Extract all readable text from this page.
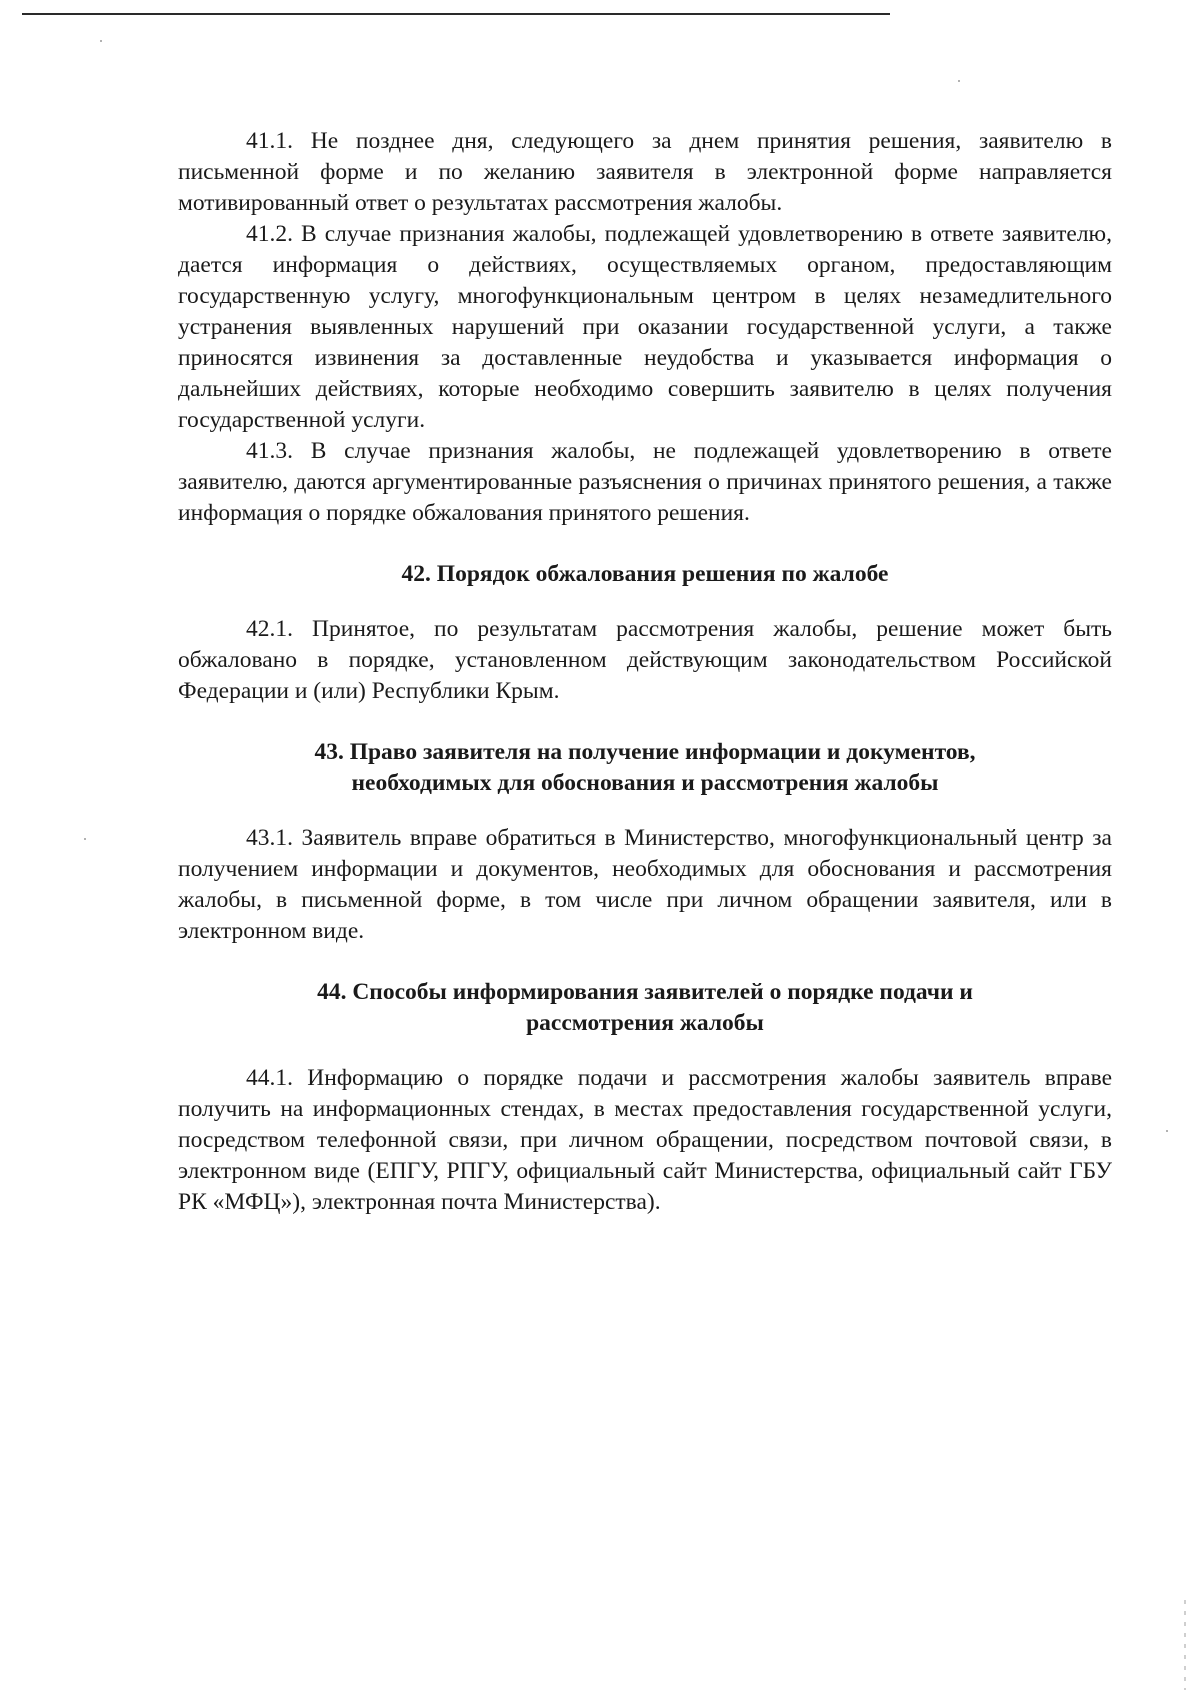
41.1. Не позднее дня, следующего за днем принятия решения, заявителю в письменной форме и по желанию заявителя в электронной форме направляется мотивированный ответ о результатах рассмотрения жалобы.

41.2. В случае признания жалобы, подлежащей удовлетворению в ответе заявителю, дается информация о действиях, осуществляемых органом, предоставляющим государственную услугу, многофункциональным центром в целях незамедлительного устранения выявленных нарушений при оказании государственной услуги, а также приносятся извинения за доставленные неудобства и указывается информация о дальнейших действиях, которые необходимо совершить заявителю в целях получения государственной услуги.

41.3. В случае признания жалобы, не подлежащей удовлетворению в ответе заявителю, даются аргументированные разъяснения о причинах принятого решения, а также информация о порядке обжалования принятого решения.

42. Порядок обжалования решения по жалобе

42.1. Принятое, по результатам рассмотрения жалобы, решение может быть обжаловано в порядке, установленном действующим законодательством Российской Федерации и (или) Республики Крым.

43. Право заявителя на получение информации и документов,
необходимых для обоснования и рассмотрения жалобы

43.1. Заявитель вправе обратиться в Министерство, многофункциональный центр за получением информации и документов, необходимых для обоснования и рассмотрения жалобы, в письменной форме, в том числе при личном обращении заявителя, или в электронном виде.

44. Способы информирования заявителей о порядке подачи и
рассмотрения жалобы

44.1. Информацию о порядке подачи и рассмотрения жалобы заявитель вправе получить на информационных стендах, в местах предоставления государственной услуги, посредством телефонной связи, при личном обращении, посредством почтовой связи, в электронном виде (ЕПГУ, РПГУ, официальный сайт Министерства, официальный сайт ГБУ РК «МФЦ»), электронная почта Министерства).
